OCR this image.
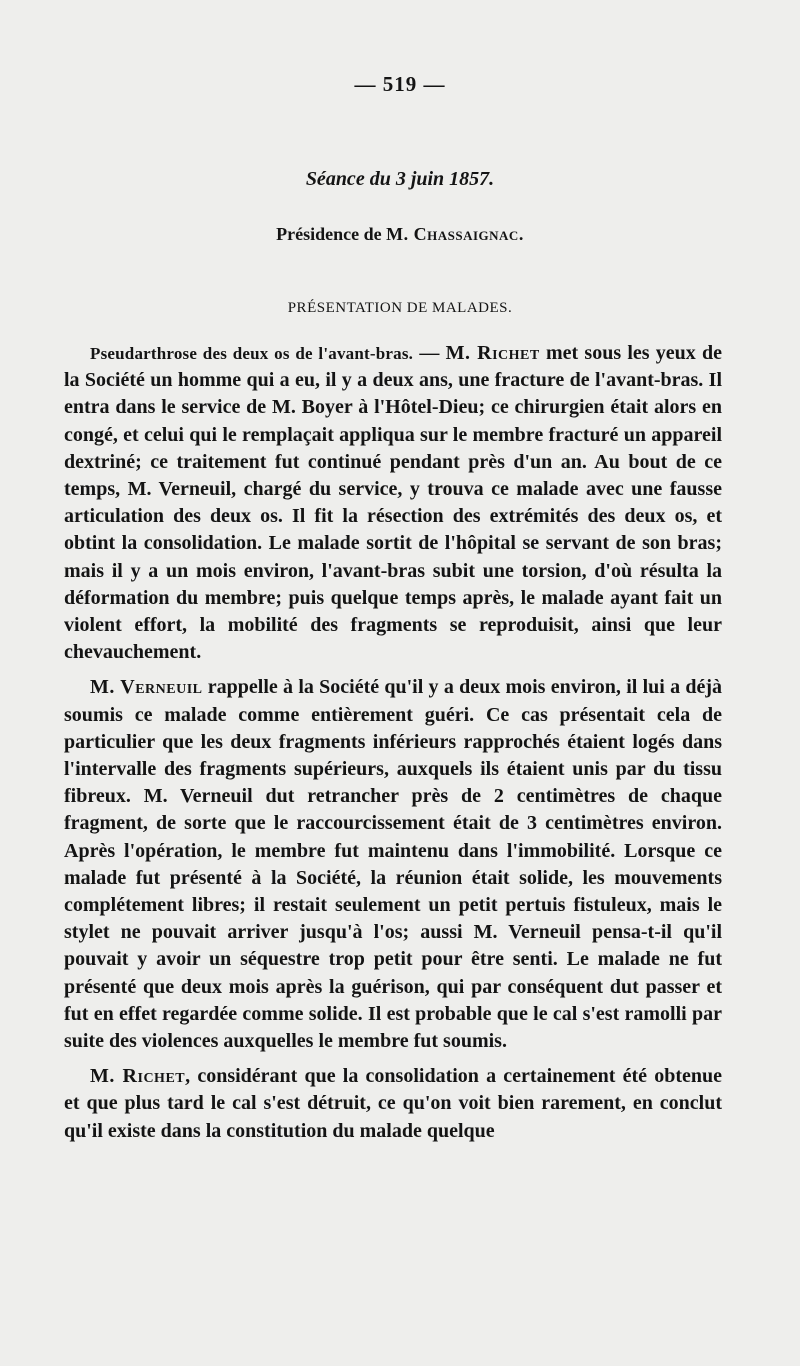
— 519 —
Séance du 3 juin 1857.
Présidence de M. Chassaignac.
PRÉSENTATION DE MALADES.

Pseudarthrose des deux os de l'avant-bras. — M. Richet met sous les yeux de la Société un homme qui a eu, il y a deux ans, une fracture de l'avant-bras. Il entra dans le service de M. Boyer à l'Hôtel-Dieu; ce chirurgien était alors en congé, et celui qui le remplaçait appliqua sur le membre fracturé un appareil dextriné; ce traitement fut continué pendant près d'un an. Au bout de ce temps, M. Verneuil, chargé du service, y trouva ce malade avec une fausse articulation des deux os. Il fit la résection des extrémités des deux os, et obtint la consolidation. Le malade sortit de l'hôpital se servant de son bras; mais il y a un mois environ, l'avant-bras subit une torsion, d'où résulta la déformation du membre; puis quelque temps après, le malade ayant fait un violent effort, la mobilité des fragments se reproduisit, ainsi que leur chevauchement.

M. Verneuil rappelle à la Société qu'il y a deux mois environ, il lui a déjà soumis ce malade comme entièrement guéri. Ce cas présentait cela de particulier que les deux fragments inférieurs rapprochés étaient logés dans l'intervalle des fragments supérieurs, auxquels ils étaient unis par du tissu fibreux. M. Verneuil dut retrancher près de 2 centimètres de chaque fragment, de sorte que le raccourcissement était de 3 centimètres environ. Après l'opération, le membre fut maintenu dans l'immobilité. Lorsque ce malade fut présenté à la Société, la réunion était solide, les mouvements complétement libres; il restait seulement un petit pertuis fistuleux, mais le stylet ne pouvait arriver jusqu'à l'os; aussi M. Verneuil pensa-t-il qu'il pouvait y avoir un séquestre trop petit pour être senti. Le malade ne fut présenté que deux mois après la guérison, qui par conséquent dut passer et fut en effet regardée comme solide. Il est probable que le cal s'est ramolli par suite des violences auxquelles le membre fut soumis.

M. Richet, considérant que la consolidation a certainement été obtenue et que plus tard le cal s'est détruit, ce qu'on voit bien rarement, en conclut qu'il existe dans la constitution du malade quelque
